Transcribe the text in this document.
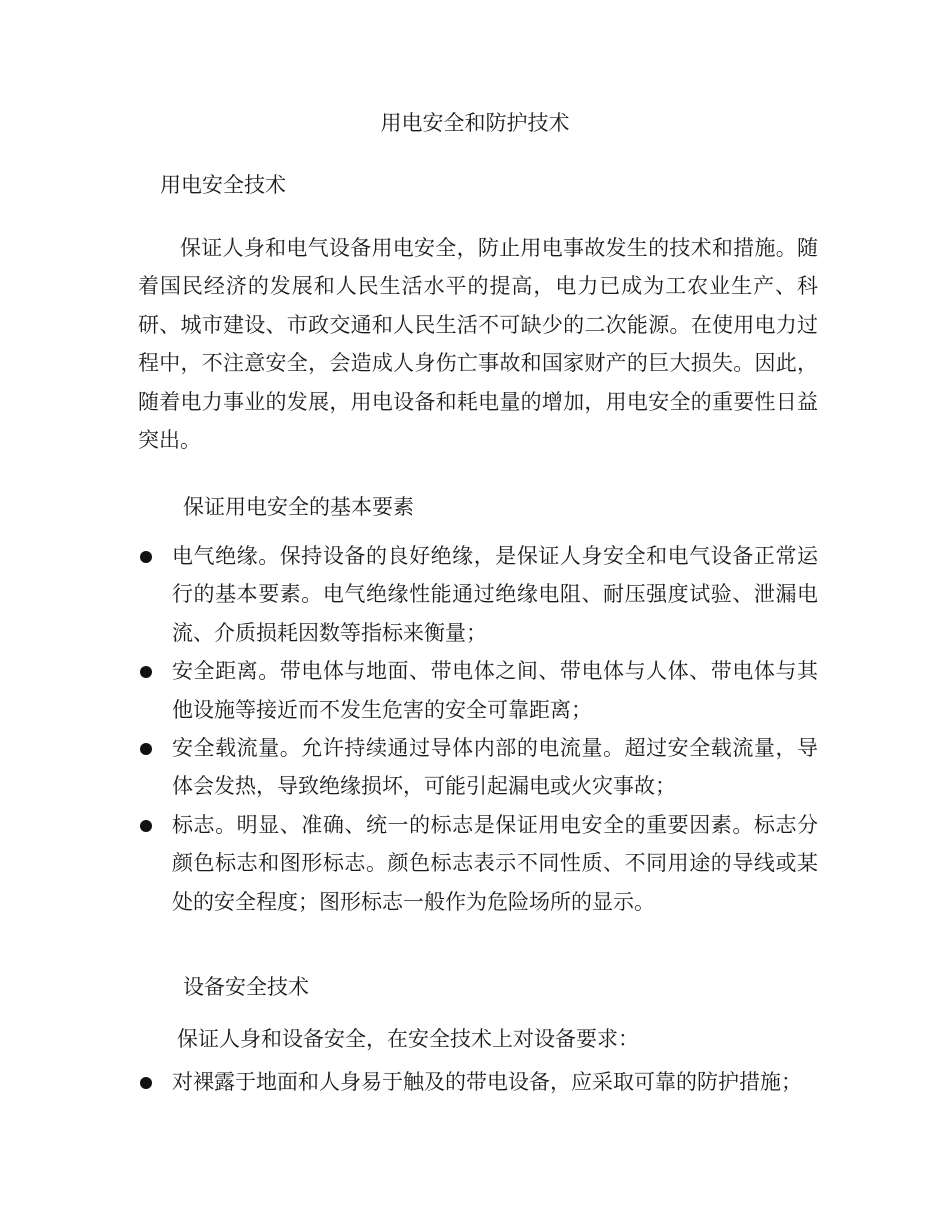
用电安全和防护技术
用电安全技术

保证人身和电气设备用电安全，防止用电事故发生的技术和措施。随着国民经济的发展和人民生活水平的提高，电力已成为工农业生产、科研、城市建设、市政交通和人民生活不可缺少的二次能源。在使用电力过程中，不注意安全，会造成人身伤亡事故和国家财产的巨大损失。因此，随着电力事业的发展，用电设备和耗电量的增加，用电安全的重要性日益突出。

保证用电安全的基本要素
电气绝缘。保持设备的良好绝缘，是保证人身安全和电气设备正常运行的基本要素。电气绝缘性能通过绝缘电阻、耐压强度试验、泄漏电流、介质损耗因数等指标来衡量；
安全距离。带电体与地面、带电体之间、带电体与人体、带电体与其他设施等接近而不发生危害的安全可靠距离；
安全载流量。允许持续通过导体内部的电流量。超过安全载流量，导体会发热，导致绝缘损坏，可能引起漏电或火灾事故；
标志。明显、准确、统一的标志是保证用电安全的重要因素。标志分颜色标志和图形标志。颜色标志表示不同性质、不同用途的导线或某处的安全程度；图形标志一般作为危险场所的显示。
设备安全技术
保证人身和设备安全，在安全技术上对设备要求：
对裸露于地面和人身易于触及的带电设备，应采取可靠的防护措施；
